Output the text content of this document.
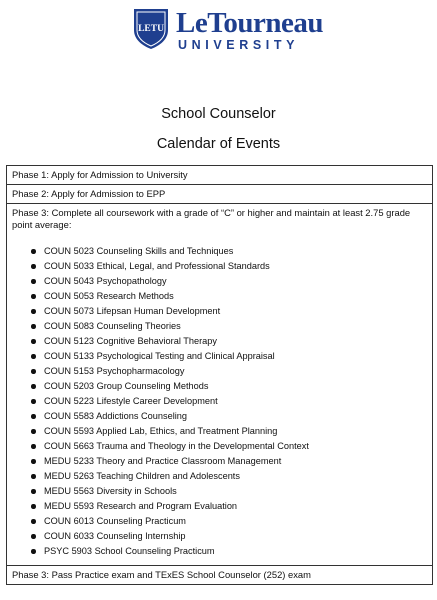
LETU LeTourneau
UNIVERSITY
School Counselor
Calendar of Events
Phase 1: Apply for Admission to University
Phase 2: Apply for Admission to EPP
Phase 3: Complete all coursework with a grade of “C” or higher and maintain at least 2.75 grade point average:
COUN 5023 Counseling Skills and Techniques
COUN 5033 Ethical, Legal, and Professional Standards
COUN 5043 Psychopathology
COUN 5053 Research Methods
COUN 5073 Lifepsan Human Development
COUN 5083 Counseling Theories
COUN 5123 Cognitive Behavioral Therapy
COUN 5133 Psychological Testing and Clinical Appraisal
COUN 5153 Psychopharmacology
COUN 5203 Group Counseling Methods
COUN 5223 Lifestyle Career Development
COUN 5583 Addictions Counseling
COUN 5593 Applied Lab, Ethics, and Treatment Planning
COUN 5663 Trauma and Theology in the Developmental Context
MEDU 5233 Theory and Practice Classroom Management
MEDU 5263 Teaching Children and Adolescents
MEDU 5563 Diversity in Schools
MEDU 5593 Research and Program Evaluation
COUN 6013 Counseling Practicum
COUN 6033 Counseling Internship
PSYC 5903 School Counseling Practicum
Phase 3: Pass Practice exam and TExES School Counselor (252) exam
